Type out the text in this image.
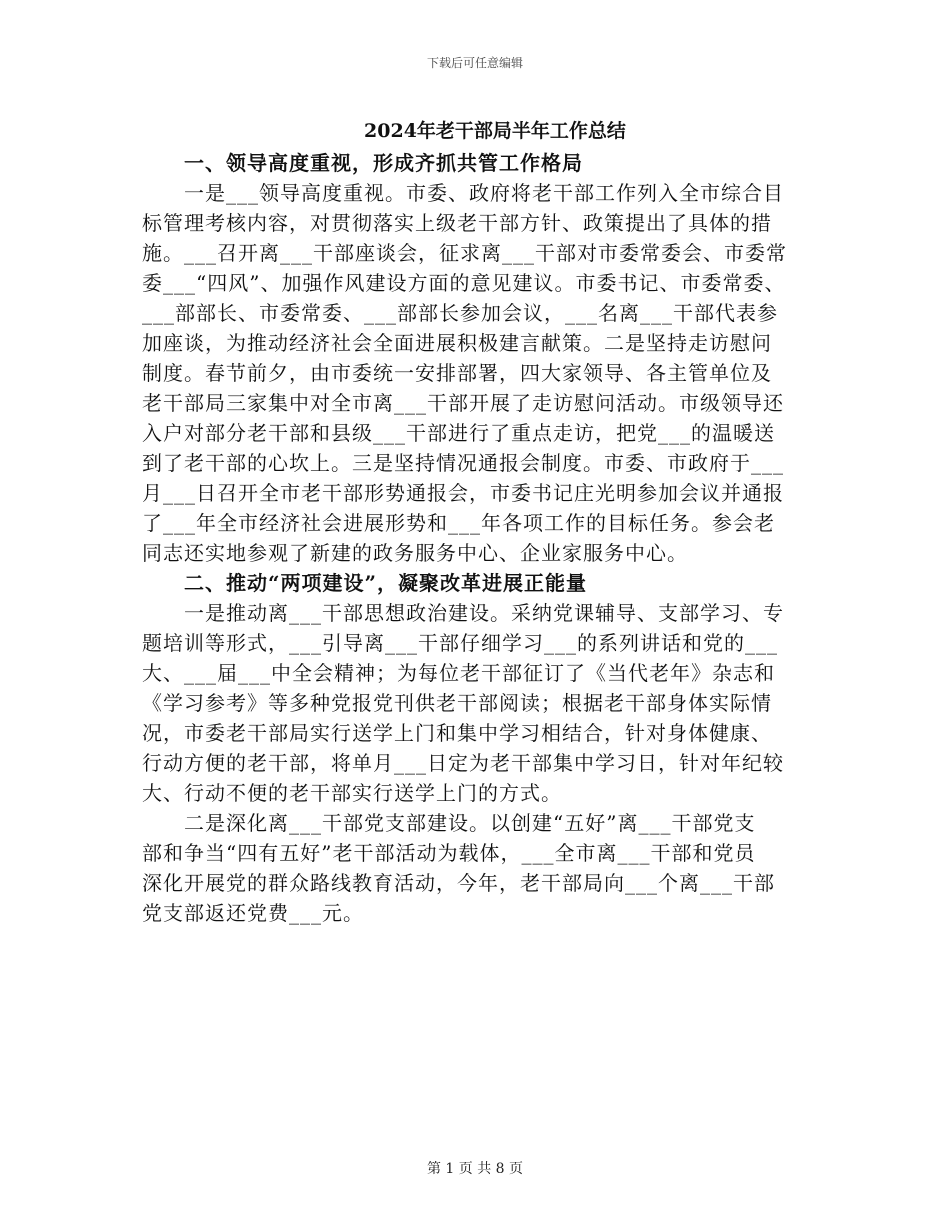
下载后可任意编辑
2024年老干部局半年工作总结
一、领导高度重视，形成齐抓共管工作格局
一是___领导高度重视。市委、政府将老干部工作列入全市综合目
标管理考核内容，对贯彻落实上级老干部方针、政策提出了具体的措
施。___召开离___干部座谈会，征求离___干部对市委常委会、市委常
委___“四风”、加强作风建设方面的意见建议。市委书记、市委常委、
___部部长、市委常委、___部部长参加会议，___名离___干部代表参
加座谈，为推动经济社会全面进展积极建言献策。二是坚持走访慰问
制度。春节前夕，由市委统一安排部署，四大家领导、各主管单位及
老干部局三家集中对全市离___干部开展了走访慰问活动。市级领导还
入户对部分老干部和县级___干部进行了重点走访，把党___的温暖送
到了老干部的心坎上。三是坚持情况通报会制度。市委、市政府于___
月___日召开全市老干部形势通报会，市委书记庄光明参加会议并通报
了___年全市经济社会进展形势和___年各项工作的目标任务。参会老
同志还实地参观了新建的政务服务中心、企业家服务中心。
二、推动“两项建设”，凝聚改革进展正能量
一是推动离___干部思想政治建设。采纳党课辅导、支部学习、专
题培训等形式，___引导离___干部仔细学习___的系列讲话和党的___
大、___届___中全会精神；为每位老干部征订了《当代老年》杂志和
《学习参考》等多种党报党刊供老干部阅读；根据老干部身体实际情
况，市委老干部局实行送学上门和集中学习相结合，针对身体健康、
行动方便的老干部，将单月___日定为老干部集中学习日，针对年纪较
大、行动不便的老干部实行送学上门的方式。
二是深化离___干部党支部建设。以创建“五好”离___干部党支
部和争当“四有五好”老干部活动为载体，___全市离___干部和党员
深化开展党的群众路线教育活动，今年，老干部局向___个离___干部
党支部返还党费___元。
第 1 页 共 8 页
